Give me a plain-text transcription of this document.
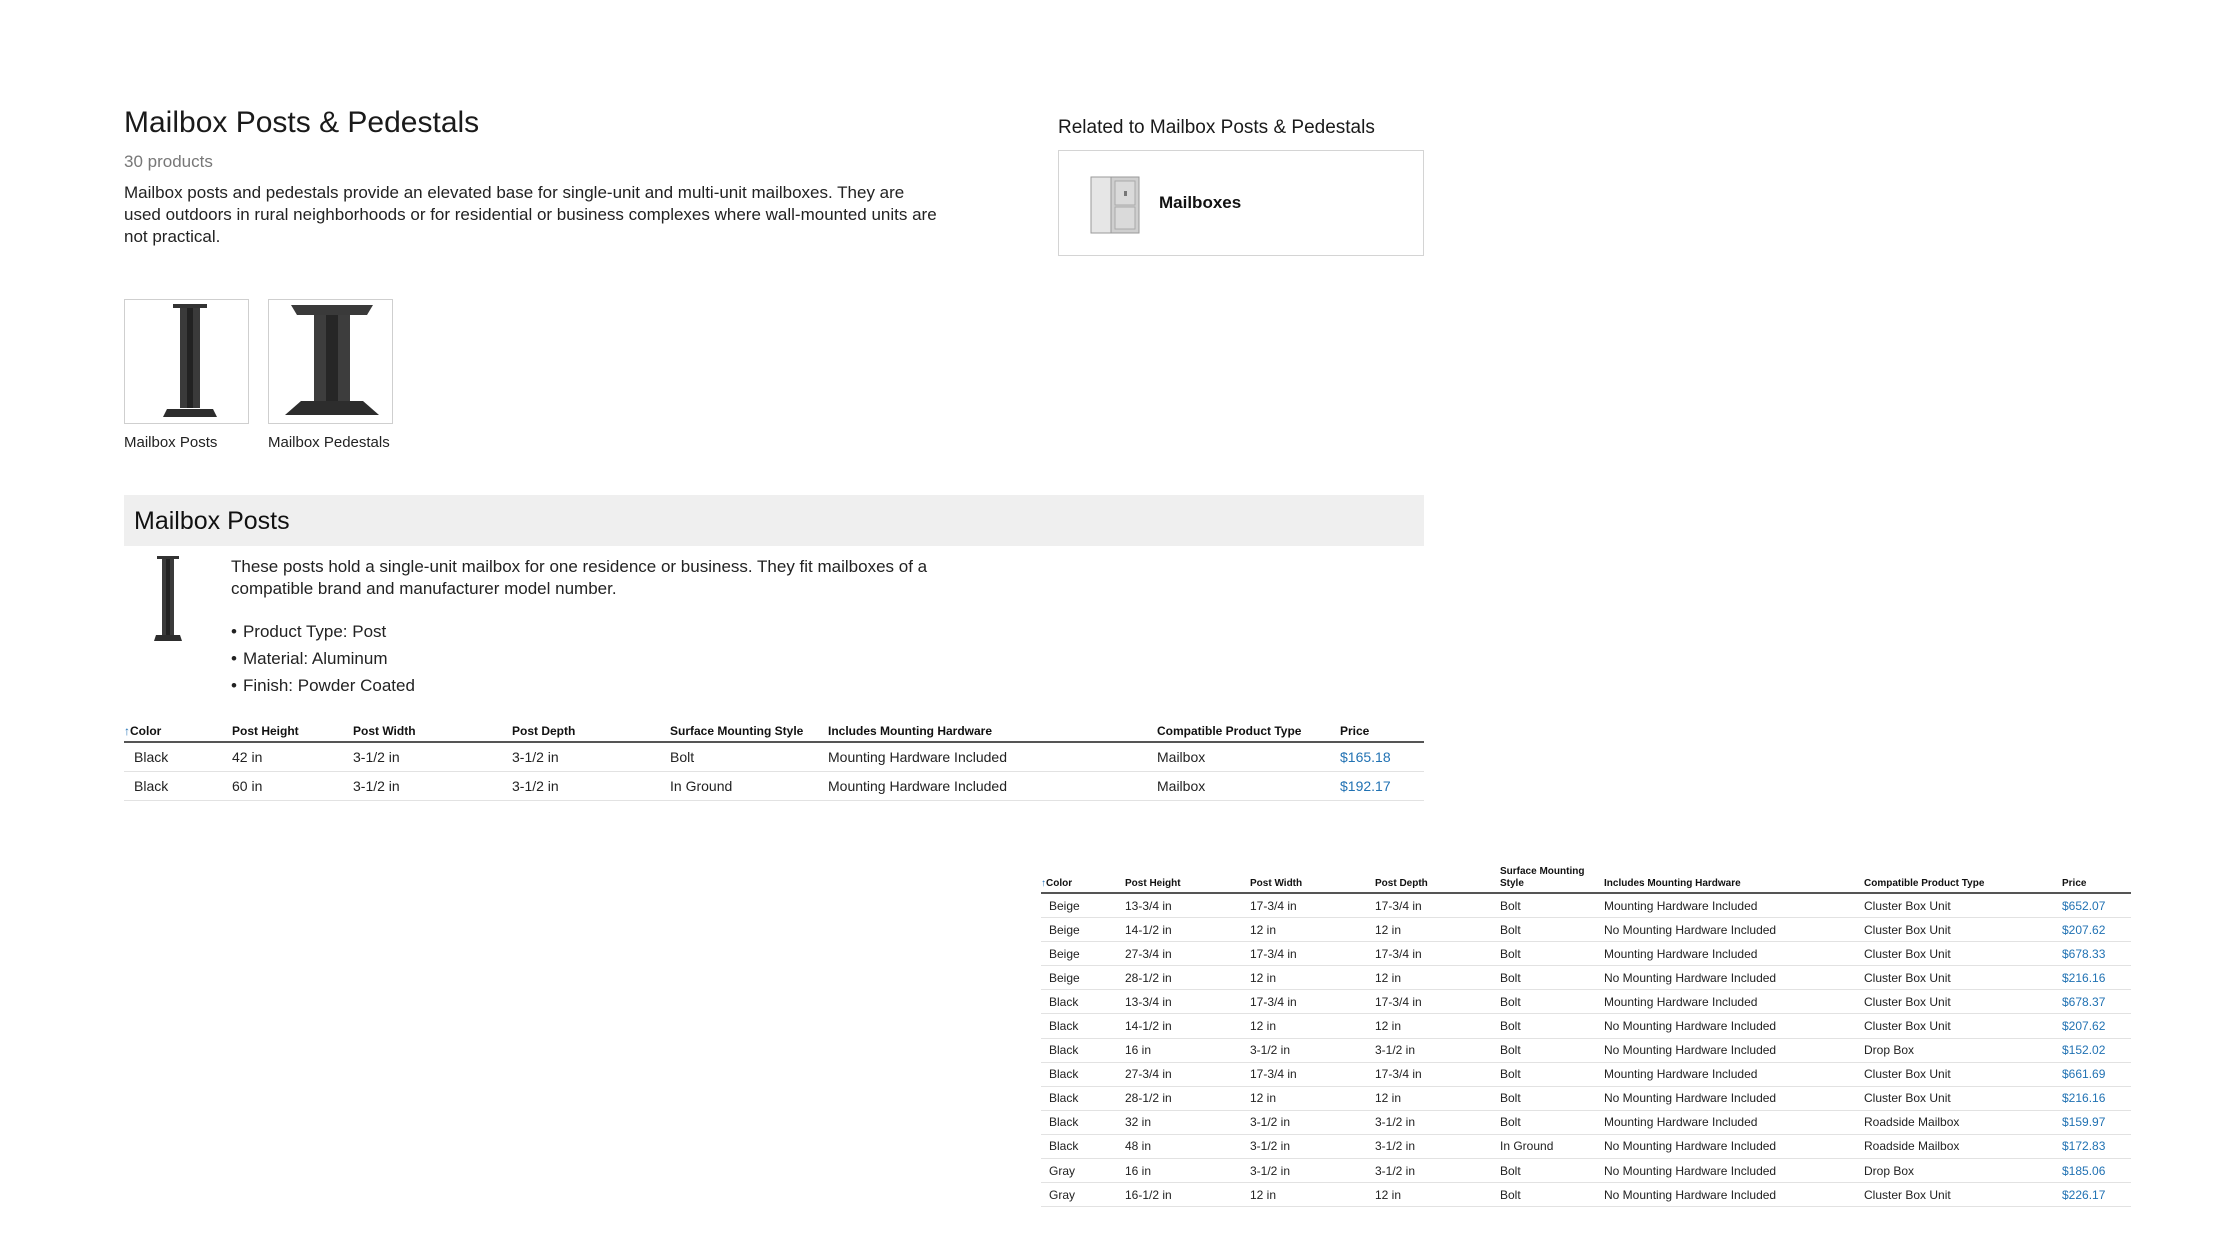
Mailbox Posts & Pedestals
30 products
Mailbox posts and pedestals provide an elevated base for single-unit and multi-unit mailboxes. They are used outdoors in rural neighborhoods or for residential or business complexes where wall-mounted units are not practical.
Related to Mailbox Posts & Pedestals
Mailboxes
Mailbox Posts	Mailbox Pedestals
Mailbox Posts
These posts hold a single-unit mailbox for one residence or business. They fit mailboxes of a compatible brand and manufacturer model number.
• Product Type: Post
• Material: Aluminum
• Finish: Powder Coated
↑Color	Post Height	Post Width	Post Depth	Surface Mounting Style	Includes Mounting Hardware	Compatible Product Type	Price
Black	42 in	3-1/2 in	3-1/2 in	Bolt	Mounting Hardware Included	Mailbox	$165.18
Black	60 in	3-1/2 in	3-1/2 in	In Ground	Mounting Hardware Included	Mailbox	$192.17
↑Color	Post Height	Post Width	Post Depth	Surface Mounting Style	Includes Mounting Hardware	Compatible Product Type	Price
Beige	13-3/4 in	17-3/4 in	17-3/4 in	Bolt	Mounting Hardware Included	Cluster Box Unit	$652.07
Beige	14-1/2 in	12 in	12 in	Bolt	No Mounting Hardware Included	Cluster Box Unit	$207.62
Beige	27-3/4 in	17-3/4 in	17-3/4 in	Bolt	Mounting Hardware Included	Cluster Box Unit	$678.33
Beige	28-1/2 in	12 in	12 in	Bolt	No Mounting Hardware Included	Cluster Box Unit	$216.16
Black	13-3/4 in	17-3/4 in	17-3/4 in	Bolt	Mounting Hardware Included	Cluster Box Unit	$678.37
Black	14-1/2 in	12 in	12 in	Bolt	No Mounting Hardware Included	Cluster Box Unit	$207.62
Black	16 in	3-1/2 in	3-1/2 in	Bolt	No Mounting Hardware Included	Drop Box	$152.02
Black	27-3/4 in	17-3/4 in	17-3/4 in	Bolt	Mounting Hardware Included	Cluster Box Unit	$661.69
Black	28-1/2 in	12 in	12 in	Bolt	No Mounting Hardware Included	Cluster Box Unit	$216.16
Black	32 in	3-1/2 in	3-1/2 in	Bolt	Mounting Hardware Included	Roadside Mailbox	$159.97
Black	48 in	3-1/2 in	3-1/2 in	In Ground	No Mounting Hardware Included	Roadside Mailbox	$172.83
Gray	16 in	3-1/2 in	3-1/2 in	Bolt	No Mounting Hardware Included	Drop Box	$185.06
Gray	16-1/2 in	12 in	12 in	Bolt	No Mounting Hardware Included	Cluster Box Unit	$226.17
